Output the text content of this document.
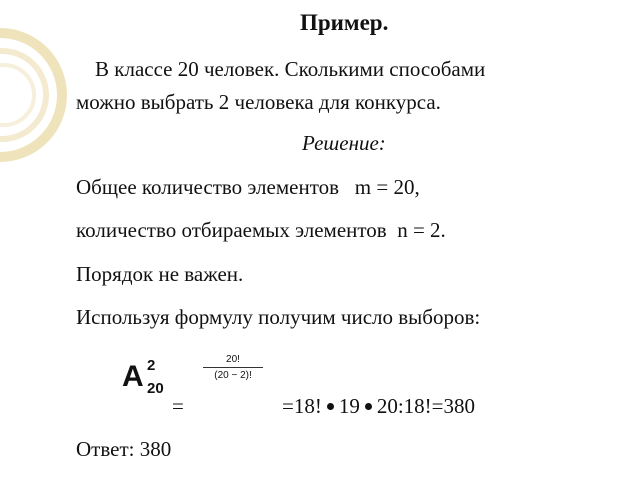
Пример.
В классе 20 человек. Сколькими способами
можно выбрать 2 человека для конкурса.
Решение:
Общее количество элементов   m = 20,
количество отбираемых элементов  n = 2.
Порядок не важен.
Используя формулу получим число выборов:
A 2
20
20!
(20 − 2)!
=	=18! 19 20:18!=380
Ответ: 380
